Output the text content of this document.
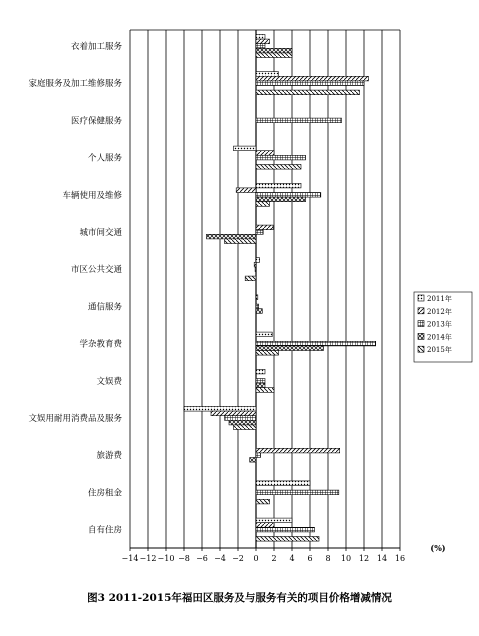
−14 −12 −10 −8 −6 −4 −2 0 2 4 6 8 10 12 14 16
(%)
衣着加工服务
家庭服务及加工维修服务
医疗保健服务
个人服务
车辆使用及维修
城市间交通
市区公共交通
通信服务
学杂教育费
文娱费
文娱用耐用消费品及服务
旅游费
住房租金
自有住房
2011年
2012年
2013年
2014年
2015年
图3 2011-2015年福田区服务及与服务有关的项目价格增减情况
